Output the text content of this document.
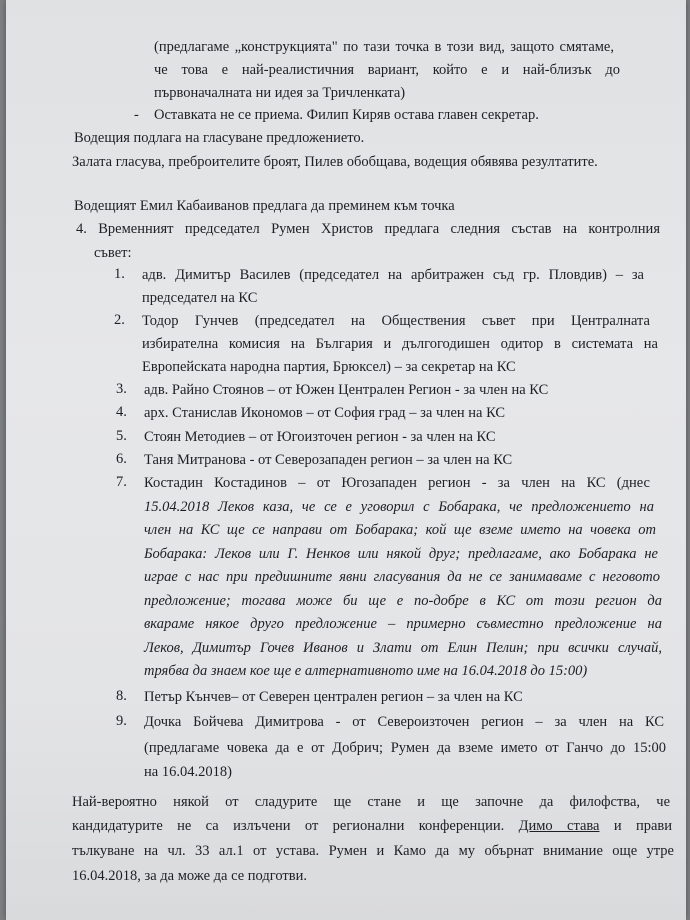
(предлагаме „конструкцията" по тази точка в този вид, защото смятаме,
че това е най-реалистичния вариант, който е и най-близък до
първоначалната ни идея за Тричленката)
- Оставката не се приема. Филип Киряв остава главен секретар.
Водещия подлага на гласуване предложението.
Залата гласува, преброителите броят, Пилев обобщава, водещия обявява резултатите.
Водещият Емил Кабаиванов предлага да преминем към точка
4. Временният председател Румен Христов предлага следния състав на контролния
съвет:
1. адв. Димитър Василев (председател на арбитражен съд гр. Пловдив) – за
председател на КС
2. Тодор Гунчев (председател на Обществения съвет при Централната
избирателна комисия на България и дългогодишен одитор в системата на
Европейската народна партия, Брюксел) – за секретар на КС
3. адв. Райно Стоянов – от Южен Централен Регион - за член на КС
4. арх. Станислав Икономов – от София град – за член на КС
5. Стоян Методиев – от Югоизточен регион - за член на КС
6. Таня Митранова - от Северозападен регион – за член на КС
7. Костадин Костадинов – от Югозападен регион - за член на КС (днес
15.04.2018 Леков каза, че се е уговорил с Бобарака, че предложението на
член на КС ще се направи от Бобарака; кой ще вземе името на човека от
Бобарака: Леков или Г. Ненков или някой друг; предлагаме, ако Бобарака не
играе с нас при предишните явни гласувания да не се занимаваме с неговото
предложение; тогава може би ще е по-добре в КС от този регион да
вкараме някое друго предложение – примерно съвместно предложение на
Леков, Димитър Гочев Иванов и Злати от Елин Пелин; при всички случай,
трябва да знаем кое ще е алтернативното име на 16.04.2018 до 15:00)
8. Петър Кънчев– от Северен централен регион – за член на КС
9. Дочка Бойчева Димитрова - от Североизточен регион – за член на КС
(предлагаме човека да е от Добрич; Румен да вземе името от Ганчо до 15:00
на 16.04.2018)
Най-вероятно някой от сладурите ще стане и ще започне да филофства, че
кандидатурите не са излъчени от регионални конференции. Димо става и прави
тълкуване на чл. 33 ал.1 от устава. Румен и Камо да му обърнат внимание още утре
16.04.2018, за да може да се подготви.
